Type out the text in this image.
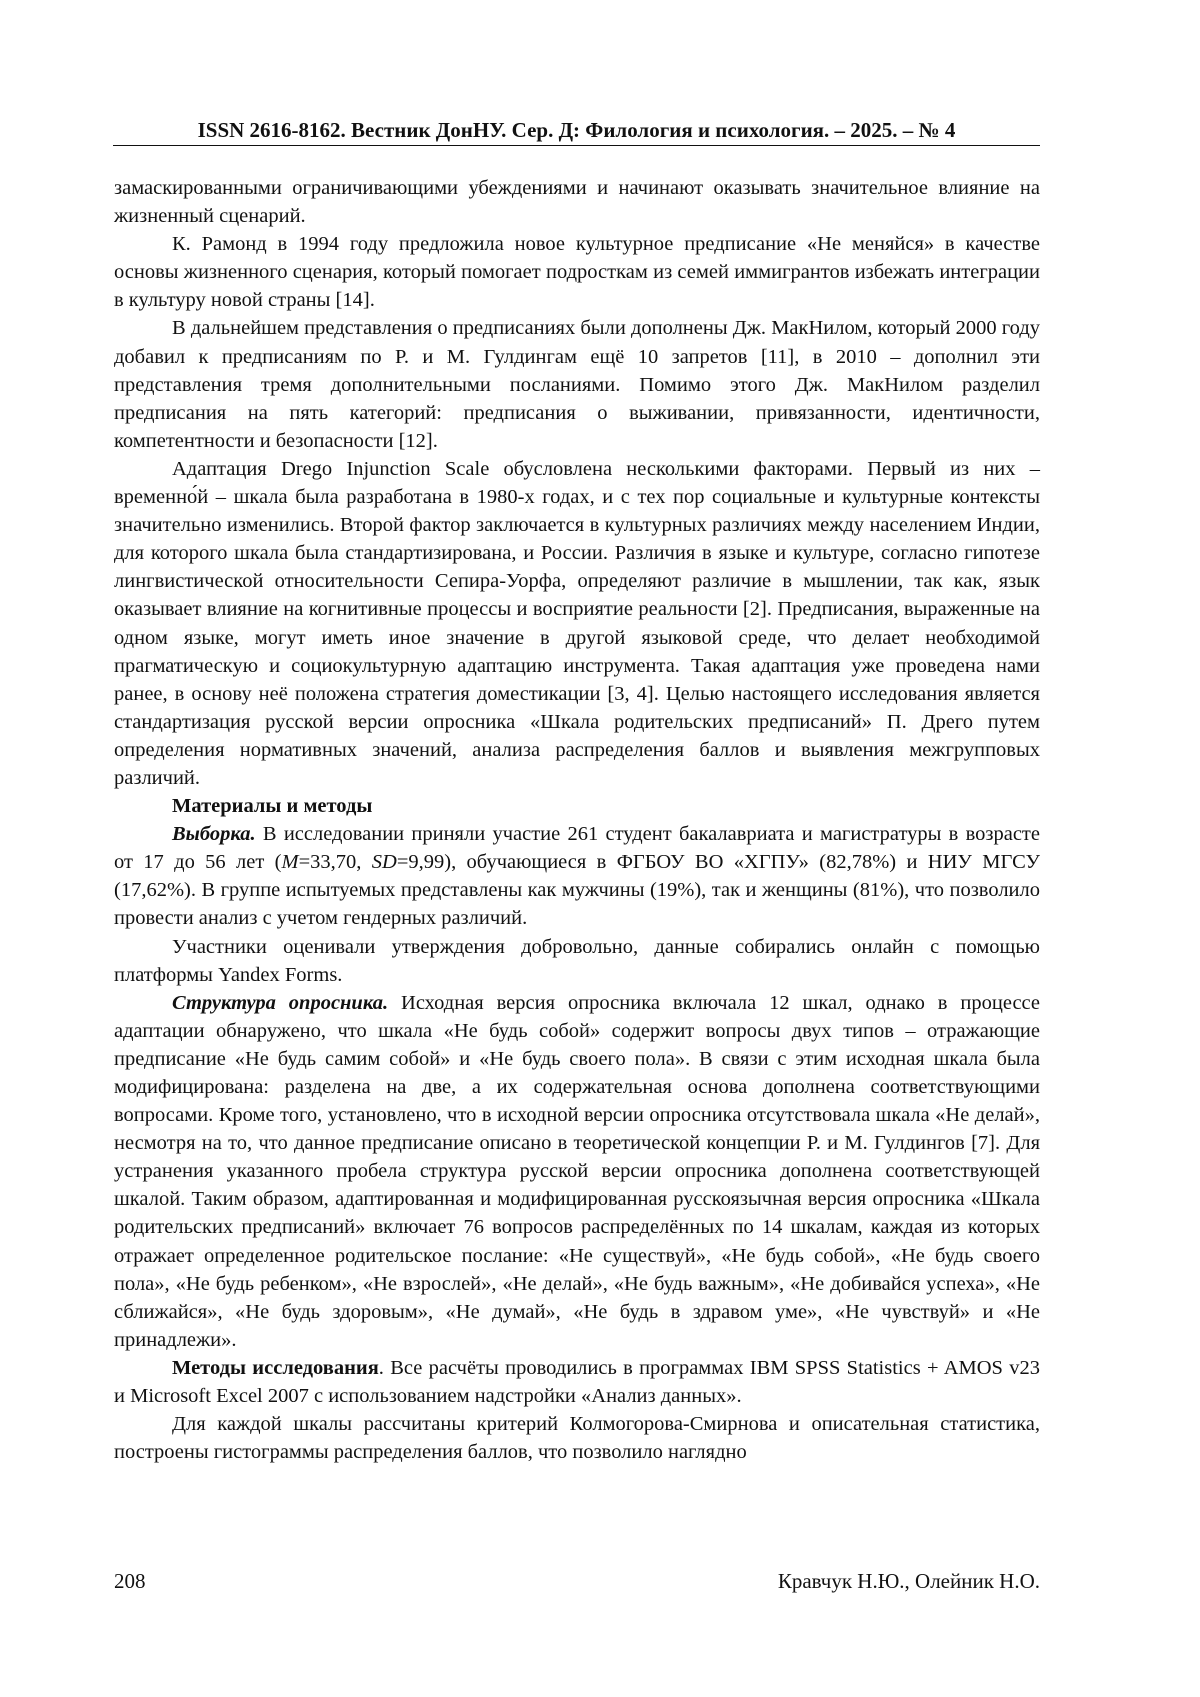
ISSN 2616-8162. Вестник ДонНУ. Сер. Д: Филология и психология. – 2025. – № 4

замаскированными ограничивающими убеждениями и начинают оказывать значительное влияние на жизненный сценарий.

К. Рамонд в 1994 году предложила новое культурное предписание «Не меняйся» в качестве основы жизненного сценария, который помогает подросткам из семей иммигрантов избежать интеграции в культуру новой страны [14].

В дальнейшем представления о предписаниях были дополнены Дж. МакНилом, который 2000 году добавил к предписаниям по Р. и М. Гулдингам ещё 10 запретов [11], в 2010 – дополнил эти представления тремя дополнительными посланиями. Помимо этого Дж. МакНилом разделил предписания на пять категорий: предписания о выживании, привязанности, идентичности, компетентности и безопасности [12].

Адаптация Drego Injunction Scale обусловлена несколькими факторами. Первый из них – временно́й – шкала была разработана в 1980-х годах, и с тех пор социальные и культурные контексты значительно изменились. Второй фактор заключается в культурных различиях между населением Индии, для которого шкала была стандартизирована, и России. Различия в языке и культуре, согласно гипотезе лингвистической относительности Сепира-Уорфа, определяют различие в мышлении, так как, язык оказывает влияние на когнитивные процессы и восприятие реальности [2]. Предписания, выраженные на одном языке, могут иметь иное значение в другой языковой среде, что делает необходимой прагматическую и социокультурную адаптацию инструмента. Такая адаптация уже проведена нами ранее, в основу неё положена стратегия доместикации [3, 4]. Целью настоящего исследования является стандартизация русской версии опросника «Шкала родительских предписаний» П. Дрего путем определения нормативных значений, анализа распределения баллов и выявления межгрупповых различий.

Материалы и методы

Выборка. В исследовании приняли участие 261 студент бакалавриата и магистратуры в возрасте от 17 до 56 лет (M=33,70, SD=9,99), обучающиеся в ФГБОУ ВО «ХГПУ» (82,78%) и НИУ МГСУ (17,62%). В группе испытуемых представлены как мужчины (19%), так и женщины (81%), что позволило провести анализ с учетом гендерных различий.

Участники оценивали утверждения добровольно, данные собирались онлайн с помощью платформы Yandex Forms.

Структура опросника. Исходная версия опросника включала 12 шкал, однако в процессе адаптации обнаружено, что шкала «Не будь собой» содержит вопросы двух типов – отражающие предписание «Не будь самим собой» и «Не будь своего пола». В связи с этим исходная шкала была модифицирована: разделена на две, а их содержательная основа дополнена соответствующими вопросами. Кроме того, установлено, что в исходной версии опросника отсутствовала шкала «Не делай», несмотря на то, что данное предписание описано в теоретической концепции Р. и М. Гулдингов [7]. Для устранения указанного пробела структура русской версии опросника дополнена соответствующей шкалой. Таким образом, адаптированная и модифицированная русскоязычная версия опросника «Шкала родительских предписаний» включает 76 вопросов распределённых по 14 шкалам, каждая из которых отражает определенное родительское послание: «Не существуй», «Не будь собой», «Не будь своего пола», «Не будь ребенком», «Не взрослей», «Не делай», «Не будь важным», «Не добивайся успеха», «Не сближайся», «Не будь здоровым», «Не думай», «Не будь в здравом уме», «Не чувствуй» и «Не принадлежи».

Методы исследования. Все расчёты проводились в программах IBM SPSS Statistics + AMOS v23 и Microsoft Excel 2007 с использованием надстройки «Анализ данных».

Для каждой шкалы рассчитаны критерий Колмогорова-Смирнова и описательная статистика, построены гистограммы распределения баллов, что позволило наглядно

208	Кравчук Н.Ю., Олейник Н.О.
